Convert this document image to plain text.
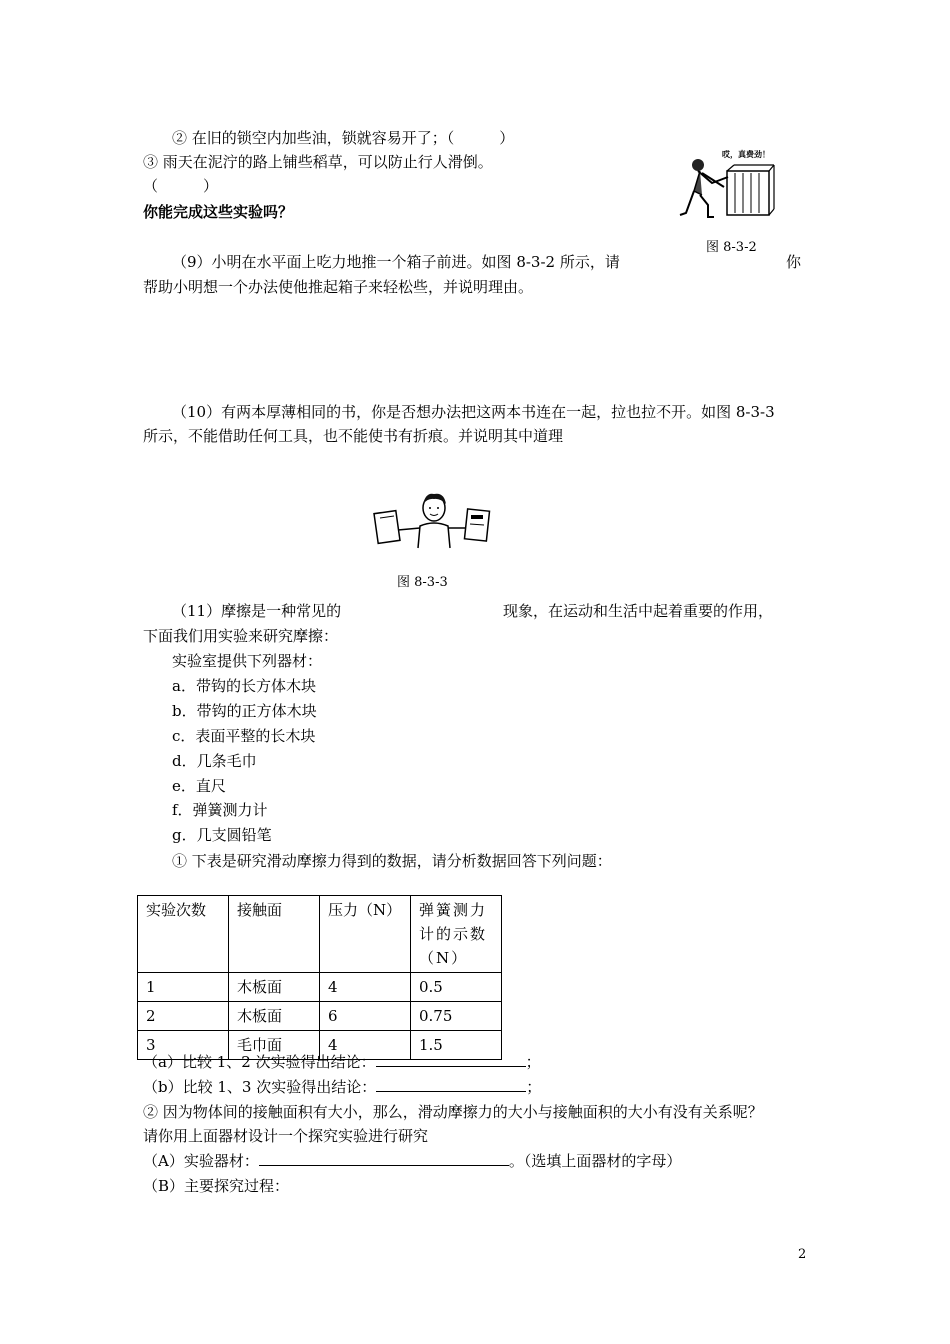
② 在旧的锁空内加些油，锁就容易开了；（　　　）
③ 雨天在泥泞的路上铺些稻草，可以防止行人滑倒。
（　　　）
你能完成这些实验吗？
哎，真费劲！
图 8-3-2
（9）小明在水平面上吃力地推一个箱子前进。如图 8-3-2 所示，请	你
帮助小明想一个办法使他推起箱子来轻松些，并说明理由。
（10）有两本厚薄相同的书，你是否想办法把这两本书连在一起，拉也拉不开。如图 8-3-3
所示，不能借助任何工具，也不能使书有折痕。并说明其中道理
图 8-3-3
（11）摩擦是一种常见的	现象，在运动和生活中起着重要的作用，
下面我们用实验来研究摩擦：
实验室提供下列器材：
a．带钩的长方体木块
b．带钩的正方体木块
c．表面平整的长木块
d．几条毛巾
e．直尺
f．弹簧测力计
g．几支圆铅笔
① 下表是研究滑动摩擦力得到的数据，请分析数据回答下列问题：
实验次数	接触面	压力（N）	弹簧测力计的示数（N）
1	木板面	4	0.5
2	木板面	6	0.75
3	毛巾面	4	1.5
（a）比较 1、2 次实验得出结论：	；
（b）比较 1、3 次实验得出结论：	；
② 因为物体间的接触面积有大小，那么，滑动摩擦力的大小与接触面积的大小有没有关系呢？
请你用上面器材设计一个探究实验进行研究
（A）实验器材：	。（选填上面器材的字母）
（B）主要探究过程：
2
